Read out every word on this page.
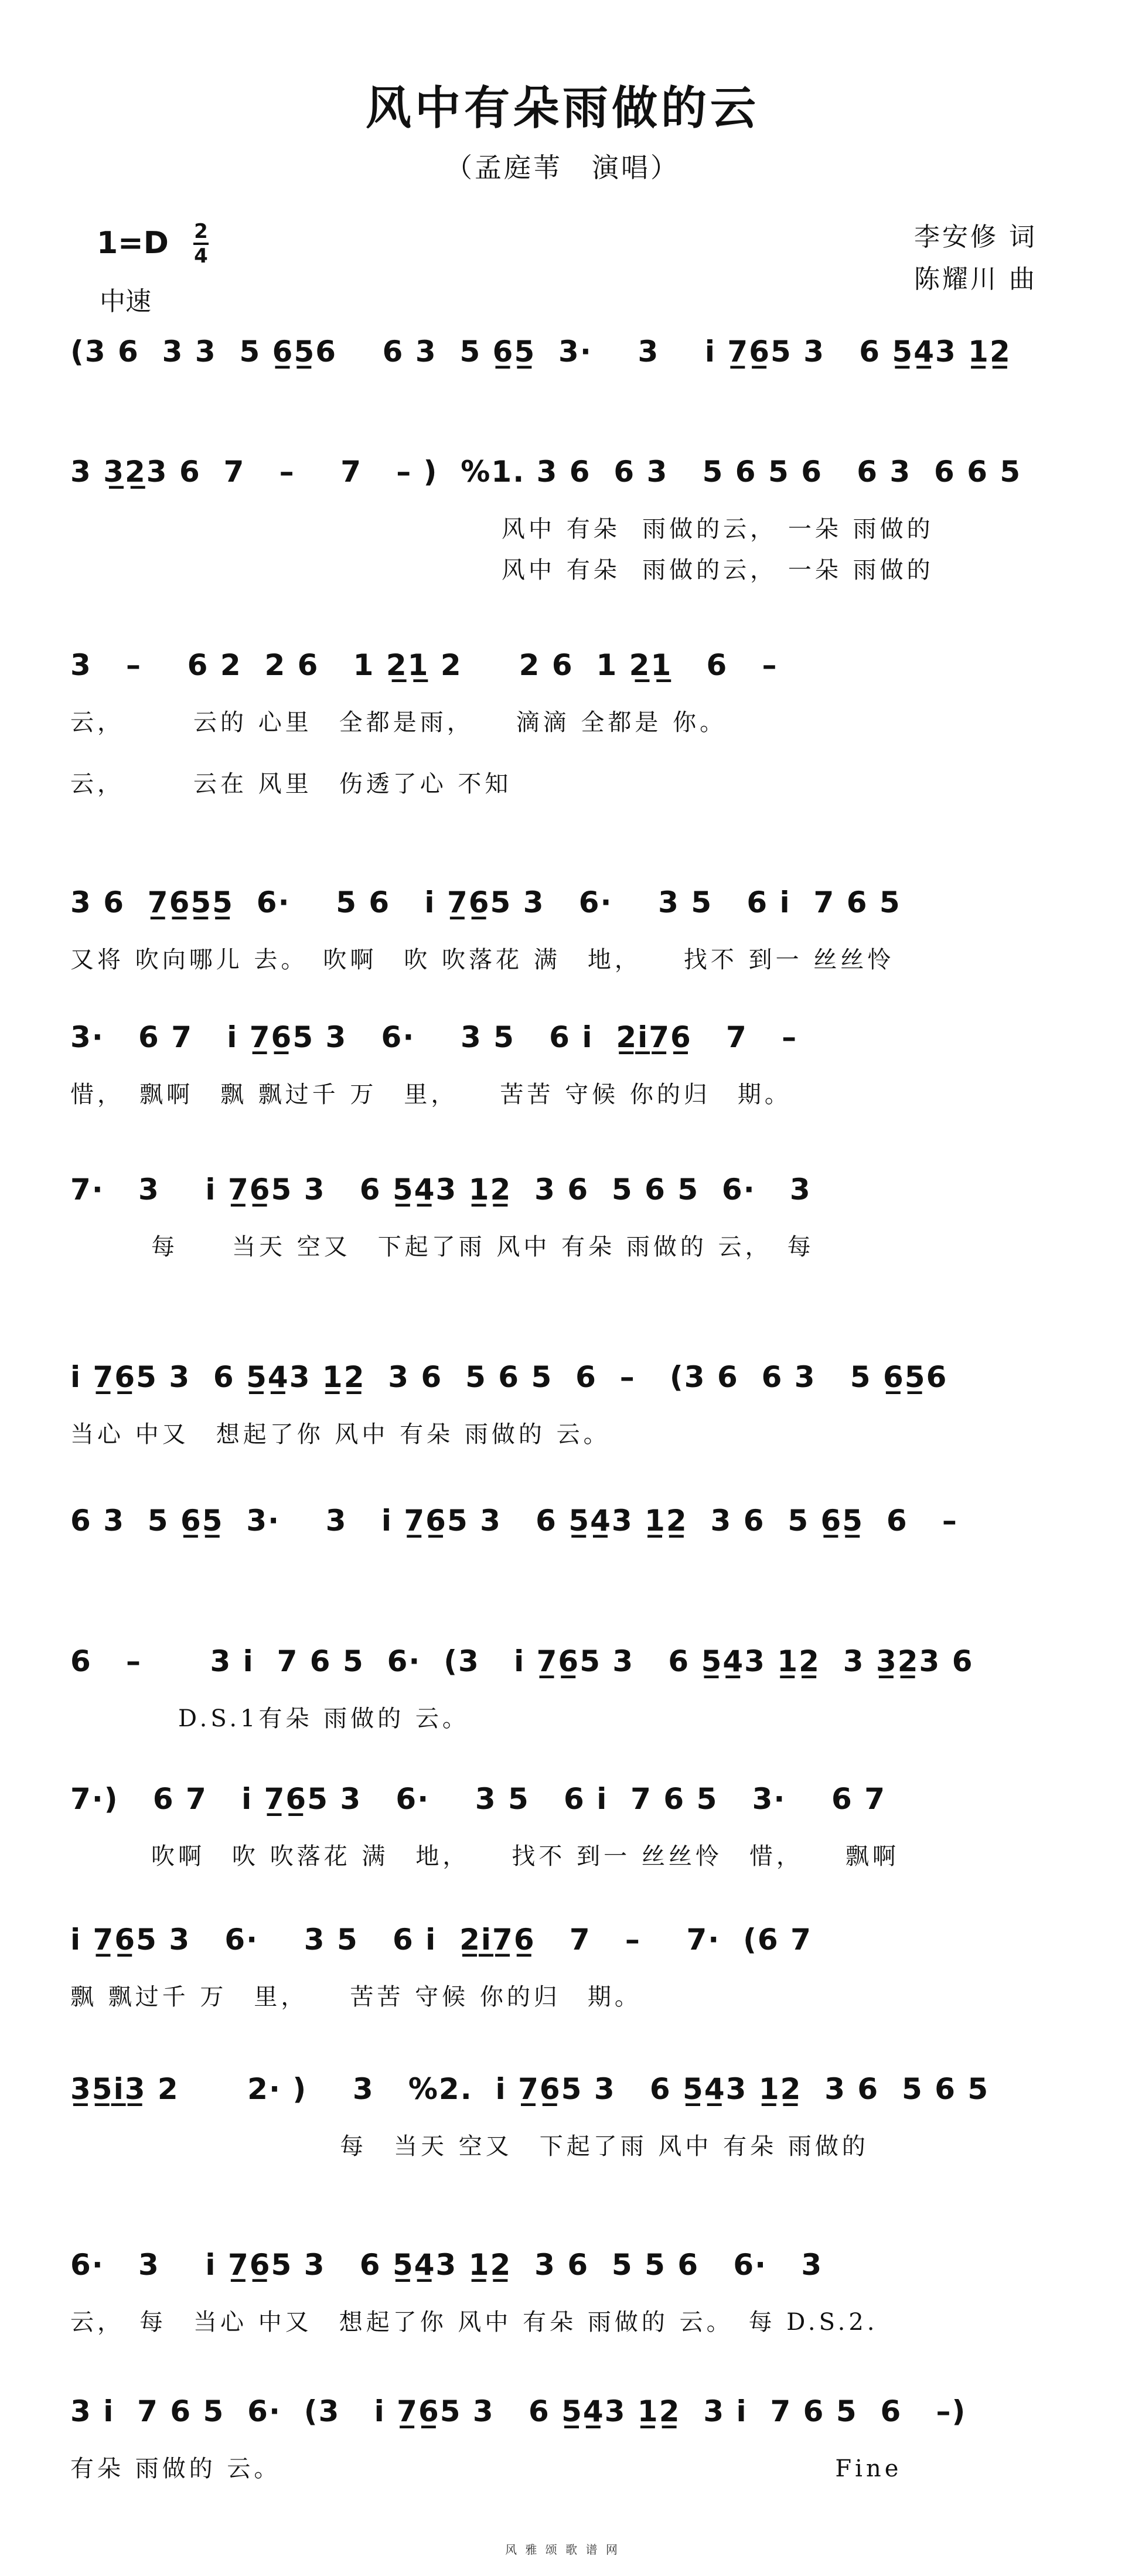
风中有朵雨做的云
（孟庭苇　演唱）
1=D 2
4
中速
李安修 词
陈耀川 曲
(3 6  3 3  5 6̲5̲6    6 3  5 6̲5̲  3·    3    i 7̲6̲5 3   6 5̲4̲3 1̲2̲
3 3̲2̲3 6  7   –    7   – )  %1. 3 6  6 3   5 6 5 6   6 3  6 6 5
　　　　　　　　　　　　　　　　风中 有朵  雨做的云， 一朵 雨做的
　　　　　　　　　　　　　　　　风中 有朵  雨做的云， 一朵 雨做的
3   –    6 2  2 6   1 2̲1̲ 2     2 6  1 2̲1̲   6   –
云，　　　云的 心里　全都是雨，　　滴滴 全都是 你。
云，　　　云在 风里　伤透了心 不知
3 6  7̲6̲5̲5̲  6·    5 6   i 7̲6̲5 3   6·    3 5   6 i  7 6 5
又将 吹向哪儿 去。　吹啊　吹 吹落花 满　地，　　找不 到一 丝丝怜
3·   6 7   i 7̲6̲5 3   6·    3 5   6 i  2̲i̲7̲6̲   7   –
惜，　飘啊　飘 飘过千 万　里，　　苦苦 守候 你的归　期。
7·   3    i 7̲6̲5 3   6 5̲4̲3 1̲2̲  3 6  5 6 5  6·   3
　　　每　　当天 空又　下起了雨 风中 有朵 雨做的 云，　每
i 7̲6̲5 3  6 5̲4̲3 1̲2̲  3 6  5 6 5  6  –   (3 6  6 3   5 6̲5̲6
当心 中又　想起了你 风中 有朵 雨做的 云。
6 3  5 6̲5̲  3·    3   i 7̲6̲5 3   6 5̲4̲3 1̲2̲  3 6  5 6̲5̲  6   –
6   –      3 i  7 6 5  6·  (3   i 7̲6̲5 3   6 5̲4̲3 1̲2̲  3 3̲2̲3 6
　　　　D.S.1有朵 雨做的 云。
7·)   6 7   i 7̲6̲5 3   6·    3 5   6 i  7 6 5   3·    6 7
　　　吹啊　吹 吹落花 满　地，　　找不 到一 丝丝怜　惜，　　飘啊
i 7̲6̲5 3   6·    3 5   6 i  2̲i̲7̲6̲   7   –    7·  (6 7
飘 飘过千 万　里，　　苦苦 守候 你的归　期。
3̲5̲i̲3̲ 2      2· )    3   %2.  i 7̲6̲5 3   6 5̲4̲3 1̲2̲  3 6  5 6 5
　　　　　　　　　　每　当天 空又　下起了雨 风中 有朵 雨做的
6·   3    i 7̲6̲5 3   6 5̲4̲3 1̲2̲  3 6  5 5 6   6·   3
云，　每　当心 中又　想起了你 风中 有朵 雨做的 云。　每 D.S.2.
3 i  7 6 5  6·  (3   i 7̲6̲5 3   6 5̲4̲3 1̲2̲  3 i  7 6 5  6   –)
有朵 雨做的 云。　　　　　　　　　　　　　　　　　　　　　Fine
风 雅 颂 歌 谱 网
